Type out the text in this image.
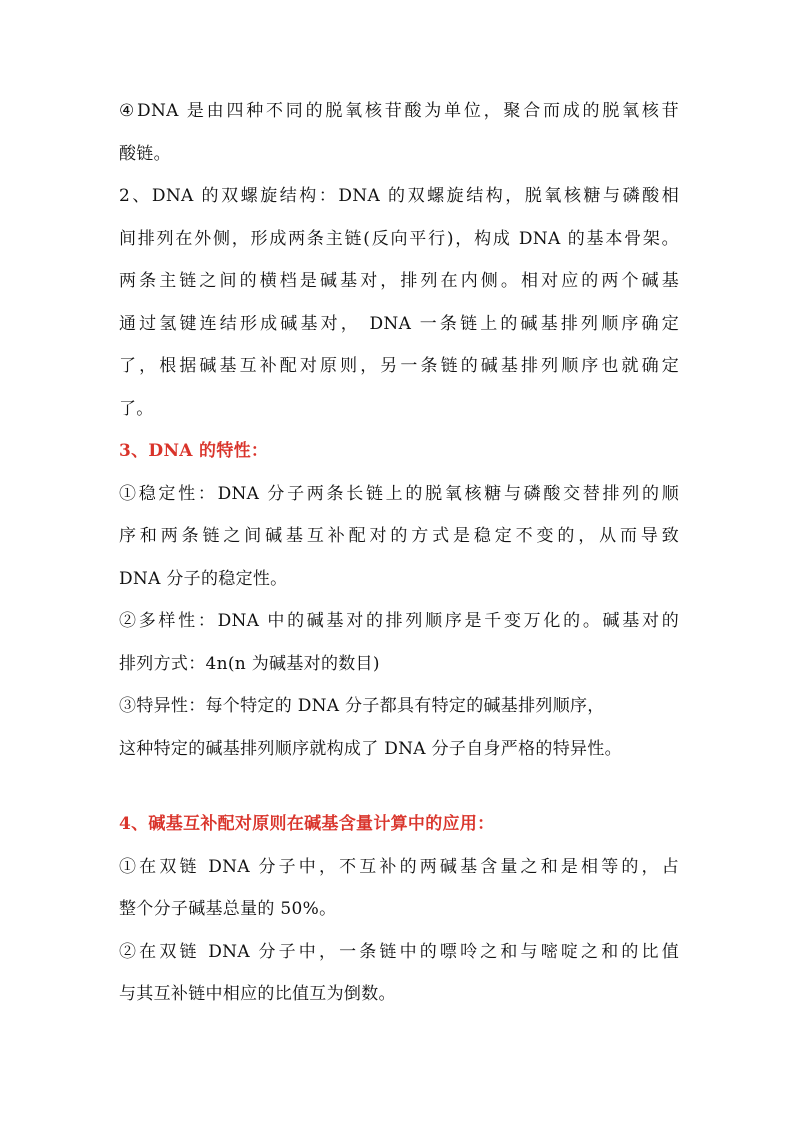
④DNA 是由四种不同的脱氧核苷酸为单位，聚合而成的脱氧核苷
酸链。
2、DNA 的双螺旋结构：DNA 的双螺旋结构，脱氧核糖与磷酸相
间排列在外侧，形成两条主链(反向平行)，构成 DNA 的基本骨架。
两条主链之间的横档是碱基对，排列在内侧。相对应的两个碱基
通过氢键连结形成碱基对， DNA 一条链上的碱基排列顺序确定
了，根据碱基互补配对原则，另一条链的碱基排列顺序也就确定
了。
3、DNA 的特性：
①稳定性：DNA 分子两条长链上的脱氧核糖与磷酸交替排列的顺
序和两条链之间碱基互补配对的方式是稳定不变的，从而导致
DNA 分子的稳定性。
②多样性：DNA 中的碱基对的排列顺序是千变万化的。碱基对的
排列方式：4n(n 为碱基对的数目)
③特异性：每个特定的 DNA 分子都具有特定的碱基排列顺序，
这种特定的碱基排列顺序就构成了 DNA 分子自身严格的特异性。
4、碱基互补配对原则在碱基含量计算中的应用：
①在双链 DNA 分子中，不互补的两碱基含量之和是相等的，占
整个分子碱基总量的 50%。
②在双链 DNA 分子中，一条链中的嘌呤之和与嘧啶之和的比值
与其互补链中相应的比值互为倒数。
